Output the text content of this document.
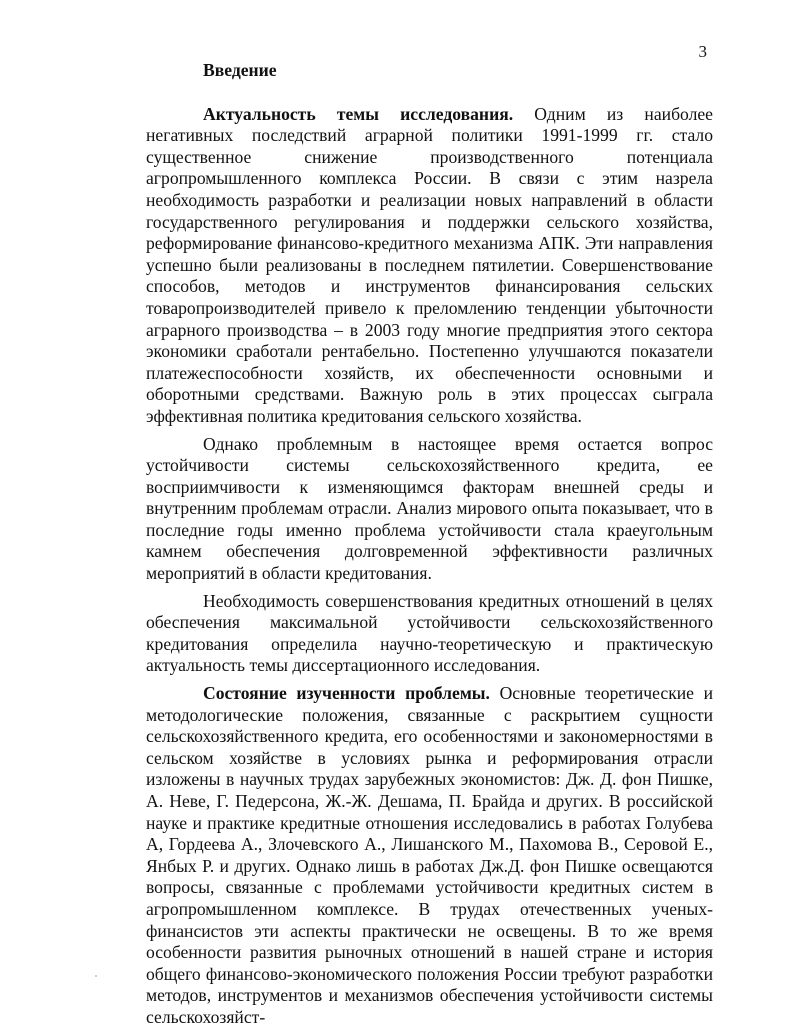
3

Введение

Актуальность темы исследования. Одним из наиболее негативных последствий аграрной политики 1991-1999 гг. стало существенное снижение производственного потенциала агропромышленного комплекса России. В связи с этим назрела необходимость разработки и реализации новых направлений в области государственного регулирования и поддержки сельского хозяйства, реформирование финансово-кредитного механизма АПК. Эти направления успешно были реализованы в последнем пятилетии. Совершенствование способов, методов и инструментов финансирования сельских товаропроизводителей привело к преломлению тенденции убыточности аграрного производства – в 2003 году многие предприятия этого сектора экономики сработали рентабельно. Постепенно улучшаются показатели платежеспособности хозяйств, их обеспеченности основными и оборотными средствами. Важную роль в этих процессах сыграла эффективная политика кредитования сельского хозяйства.

Однако проблемным в настоящее время остается вопрос устойчивости системы сельскохозяйственного кредита, ее восприимчивости к изменяющимся факторам внешней среды и внутренним проблемам отрасли. Анализ мирового опыта показывает, что в последние годы именно проблема устойчивости стала краеугольным камнем обеспечения долговременной эффективности различных мероприятий в области кредитования.

Необходимость совершенствования кредитных отношений в целях обеспечения максимальной устойчивости сельскохозяйственного кредитования определила научно-теоретическую и практическую актуальность темы диссертационного исследования.

Состояние изученности проблемы. Основные теоретические и методологические положения, связанные с раскрытием сущности сельскохозяйственного кредита, его особенностями и закономерностями в сельском хозяйстве в условиях рынка и реформирования отрасли изложены в научных трудах зарубежных экономистов: Дж. Д. фон Пишке, А. Неве, Г. Педерсона, Ж.-Ж. Дешама, П. Брайда и других. В российской науке и практике кредитные отношения исследовались в работах Голубева А, Гордеева А., Злочевского А., Лишанского М., Пахомова В., Серовой Е., Янбых Р. и других. Однако лишь в работах Дж.Д. фон Пишке освещаются вопросы, связанные с проблемами устойчивости кредитных систем в агропромышленном комплексе. В трудах отечественных ученых-финансистов эти аспекты практически не освещены. В то же время особенности развития рыночных отношений в нашей стране и история общего финансово-экономического положения России требуют разработки методов, инструментов и механизмов обеспечения устойчивости системы сельскохозяйст-
